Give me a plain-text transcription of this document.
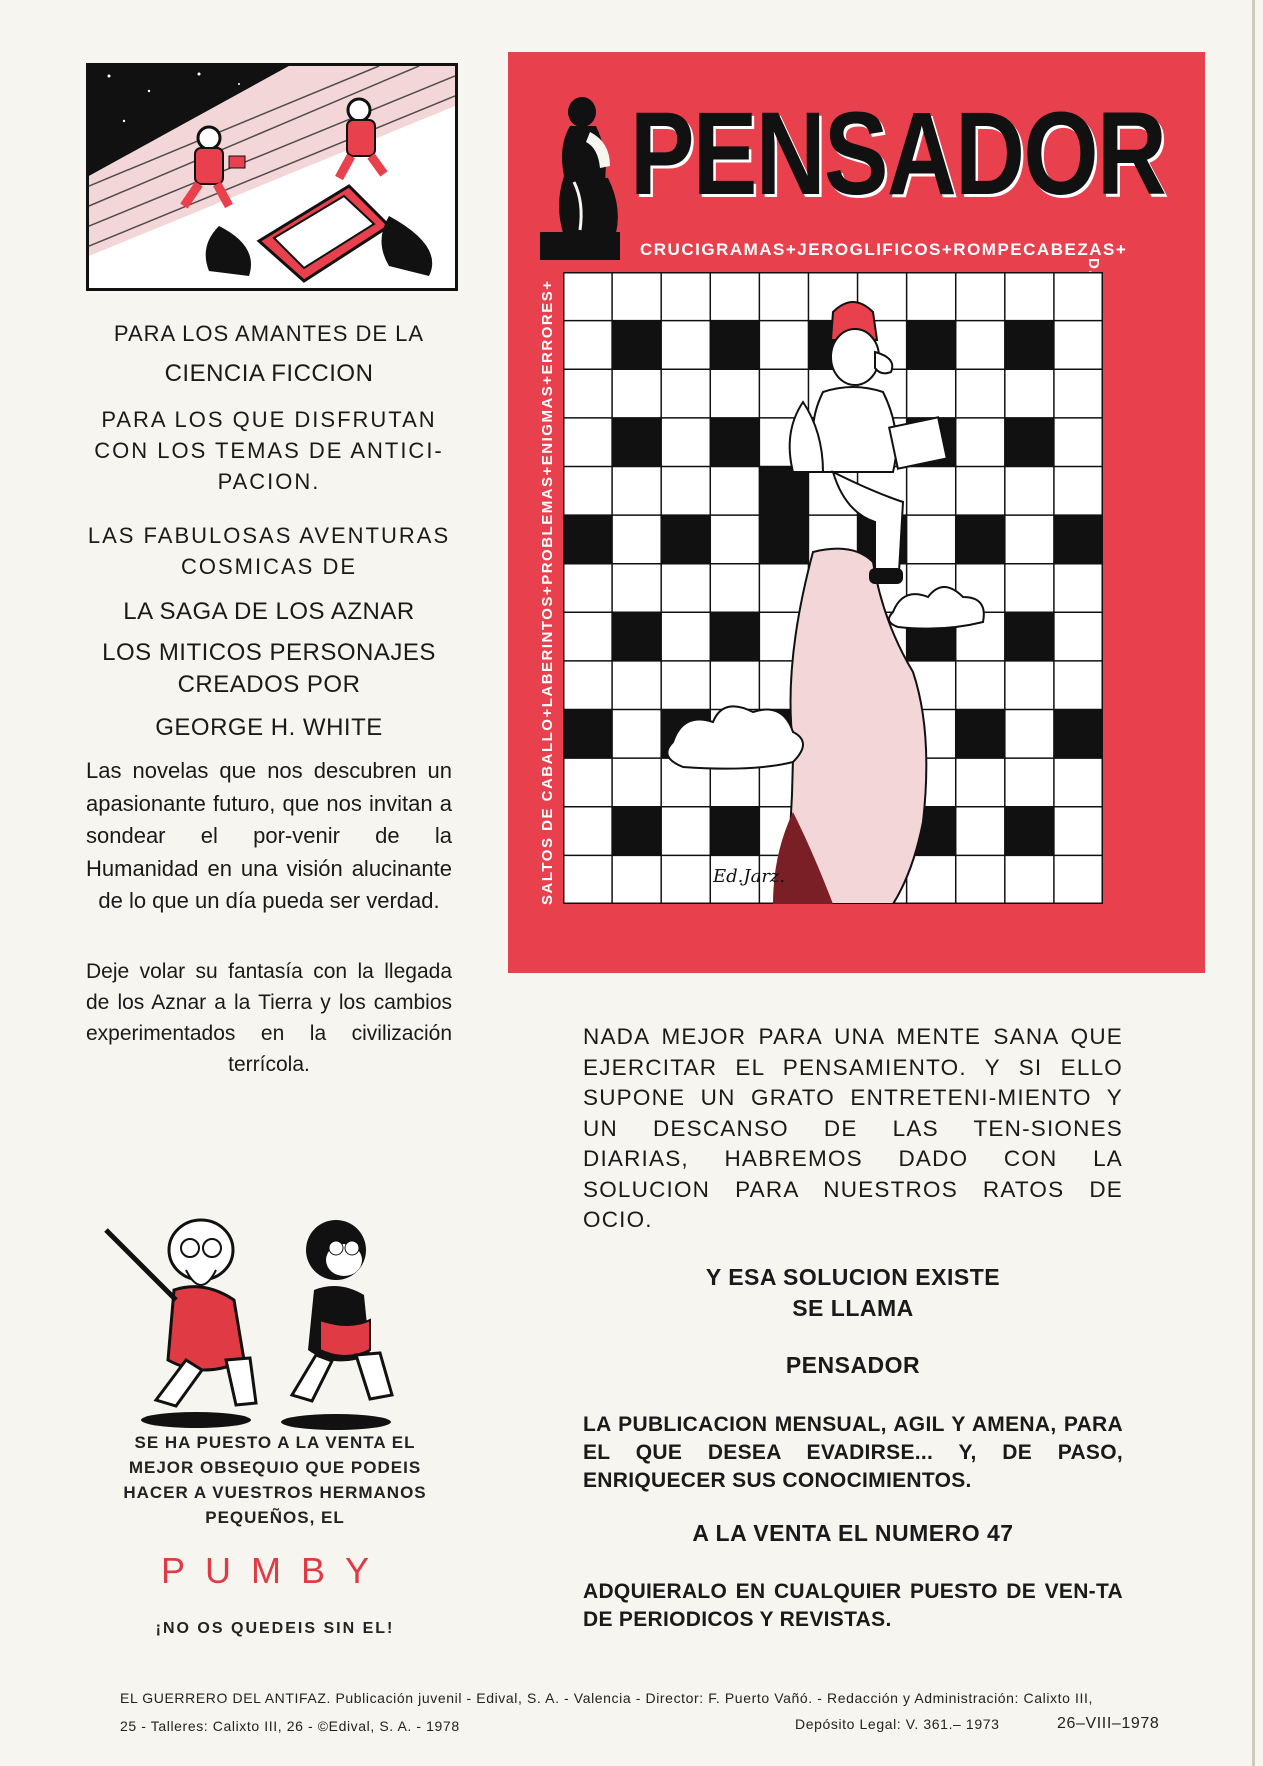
PARA LOS AMANTES DE LA
CIENCIA FICCION
PARA LOS QUE DISFRUTAN CON LOS TEMAS DE ANTICI-PACION.
LAS FABULOSAS AVENTURAS COSMICAS DE
LA SAGA DE LOS AZNAR
LOS MITICOS PERSONAJES CREADOS POR
GEORGE H. WHITE
Las novelas que nos descubren un apasionante futuro, que nos invitan a sondear el por-venir de la Humanidad en una visión alucinante de lo que un día pueda ser verdad.
Deje volar su fantasía con la llegada de los Aznar a la Tierra y los cambios experimentados en la civilización terrícola.
PENSADOR
CRUCIGRAMAS+JEROGLIFICOS+ROMPECABEZAS+
SALTOS DE CABALLO+LABERINTOS+PROBLEMAS+ENIGMAS+ERRORES+	Ed.Jarz.
NADA MEJOR PARA UNA MENTE SANA QUE EJERCITAR EL PENSAMIENTO. Y SI ELLO SUPONE UN GRATO ENTRETENI-MIENTO Y UN DESCANSO DE LAS TEN-SIONES DIARIAS, HABREMOS DADO CON LA SOLUCION PARA NUESTROS RATOS DE OCIO.
Y ESA SOLUCION EXISTE
SE LLAMA
PENSADOR
LA PUBLICACION MENSUAL, AGIL Y AMENA, PARA EL QUE DESEA EVADIRSE... Y, DE PASO, ENRIQUECER SUS CONOCIMIENTOS.
A LA VENTA EL NUMERO 47
ADQUIERALO EN CUALQUIER PUESTO DE VEN-TA DE PERIODICOS Y REVISTAS.
SE HA PUESTO A LA VENTA EL MEJOR OBSEQUIO QUE PODEIS HACER A VUESTROS HERMANOS PEQUEÑOS, EL
PUMBY
¡NO OS QUEDEIS SIN EL!
EL GUERRERO DEL ANTIFAZ. Publicación juvenil - Edival, S. A. - Valencia - Director: F. Puerto Vañó. - Redacción y Administración: Calixto III,
25 - Talleres: Calixto III, 26 - ©Edival, S. A. - 1978	Depósito Legal: V. 361.– 1973	26–VIII–1978
